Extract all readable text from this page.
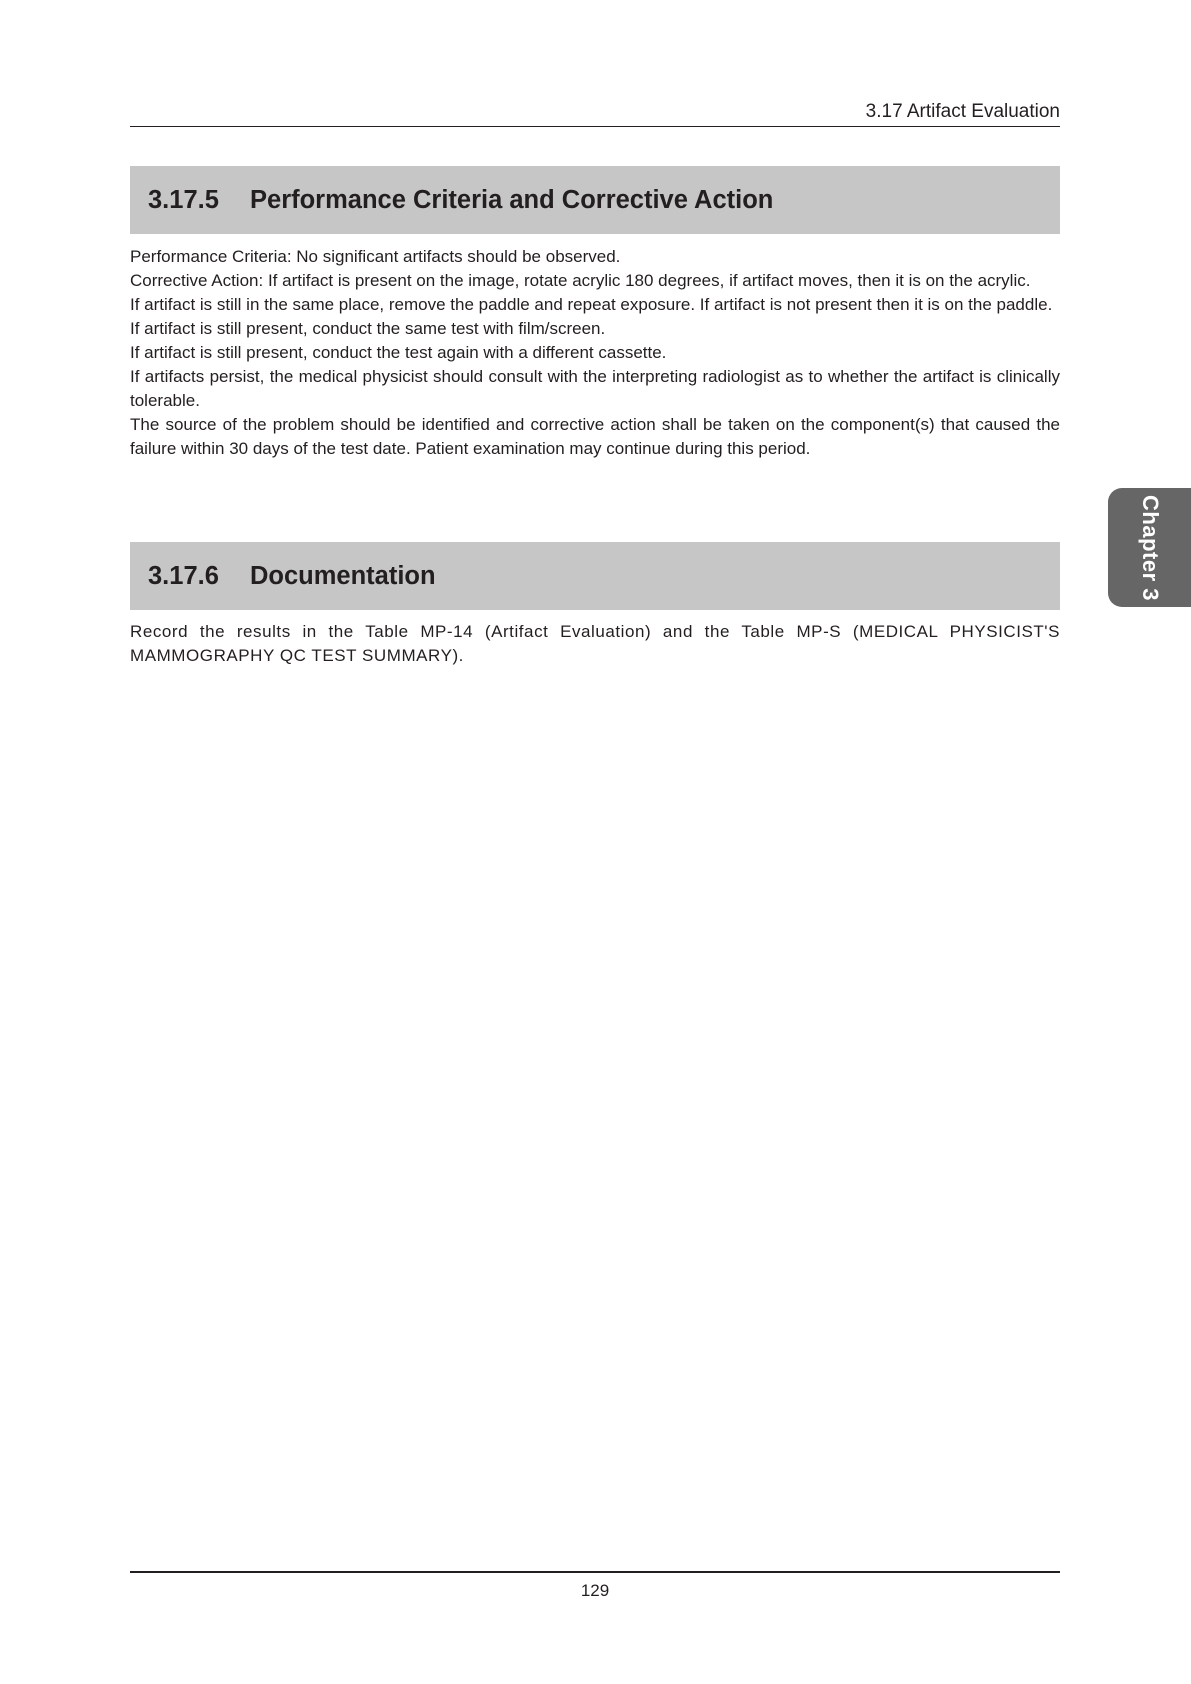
3.17 Artifact Evaluation
3.17.5	Performance Criteria and Corrective Action

Performance Criteria: No significant artifacts should be observed.

Corrective Action: If artifact is present on the image, rotate acrylic 180 degrees, if artifact moves, then it is on the acrylic.

If artifact is still in the same place, remove the paddle and repeat exposure. If artifact is not present then it is on the paddle.

If artifact is still present, conduct the same test with film/screen.

If artifact is still present, conduct the test again with a different cassette.

If artifacts persist, the medical physicist should consult with the interpreting radiologist as to whether the artifact is clinically tolerable.

The source of the problem should be identified and corrective action shall be taken on the component(s) that caused the failure within 30 days of the test date. Patient examination may continue during this period.

3.17.6	Documentation

Record the results in the Table MP-14 (Artifact Evaluation) and the Table MP-S (MEDICAL PHYSICIST'S MAMMOGRAPHY QC TEST SUMMARY).

Chapter 3
129
